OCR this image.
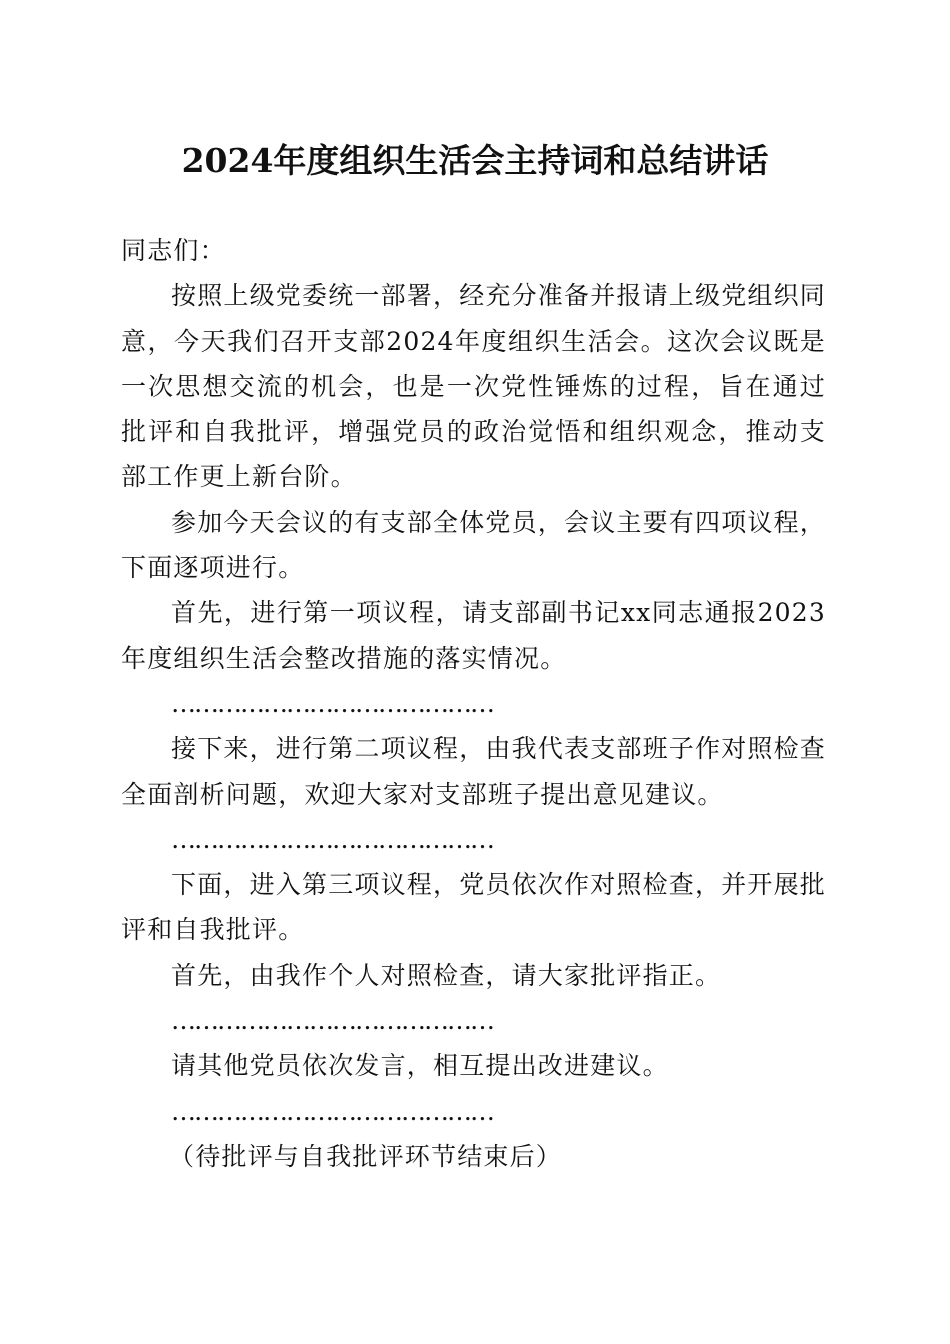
2024年度组织生活会主持词和总结讲话

同志们：

按照上级党委统一部署，经充分准备并报请上级党组织同意，今天我们召开支部2024年度组织生活会。这次会议既是一次思想交流的机会，也是一次党性锤炼的过程，旨在通过批评和自我批评，增强党员的政治觉悟和组织观念，推动支部工作更上新台阶。

参加今天会议的有支部全体党员，会议主要有四项议程，下面逐项进行。

首先，进行第一项议程，请支部副书记xx同志通报2023年度组织生活会整改措施的落实情况。

……………………………………

接下来，进行第二项议程，由我代表支部班子作对照检查全面剖析问题，欢迎大家对支部班子提出意见建议。

……………………………………

下面，进入第三项议程，党员依次作对照检查，并开展批评和自我批评。

首先，由我作个人对照检查，请大家批评指正。

……………………………………

请其他党员依次发言，相互提出改进建议。

……………………………………

（待批评与自我批评环节结束后）
